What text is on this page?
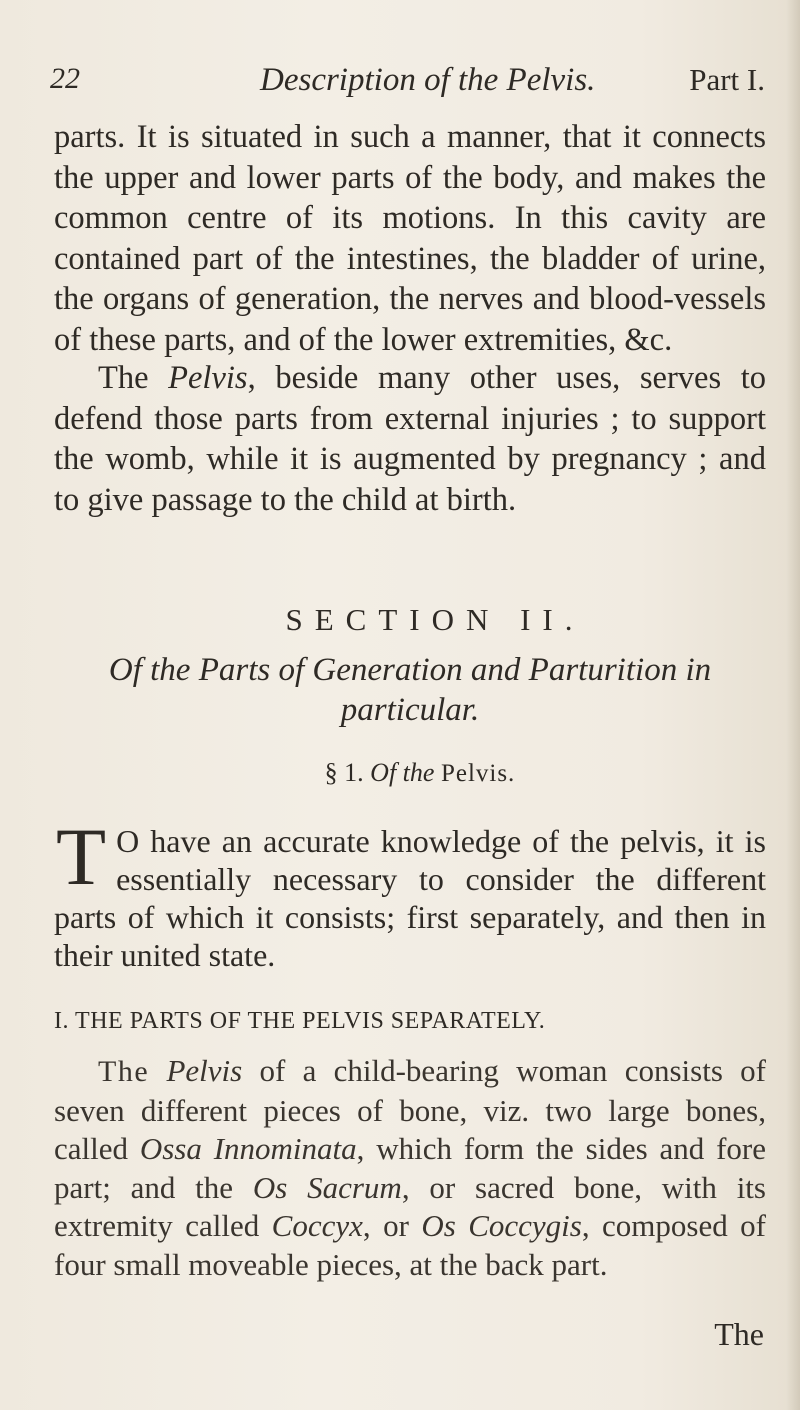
22	Description of the Pelvis.	Part I.
parts. It is situated in such a manner, that it connects the upper and lower parts of the body, and makes the common centre of its motions. In this cavity are contained part of the intestines, the bladder of urine, the organs of generation, the nerves and blood-vessels of these parts, and of the lower extremities, &c.
The Pelvis, beside many other uses, serves to defend those parts from external injuries ; to support the womb, while it is augmented by pregnancy ; and to give passage to the child at birth.
SECTION II.
Of the Parts of Generation and Parturition in particular.
§ 1. Of the Pelvis.
T O have an accurate knowledge of the pelvis, it is essentially necessary to consider the different parts of which it consists; first separately, and then in their united state.
I. THE PARTS OF THE PELVIS SEPARATELY.
The Pelvis of a child-bearing woman consists of seven different pieces of bone, viz. two large bones, called Ossa Innominata, which form the sides and fore part; and the Os Sacrum, or sacred bone, with its extremity called Coccyx, or Os Coccygis, composed of four small moveable pieces, at the back part.
The
